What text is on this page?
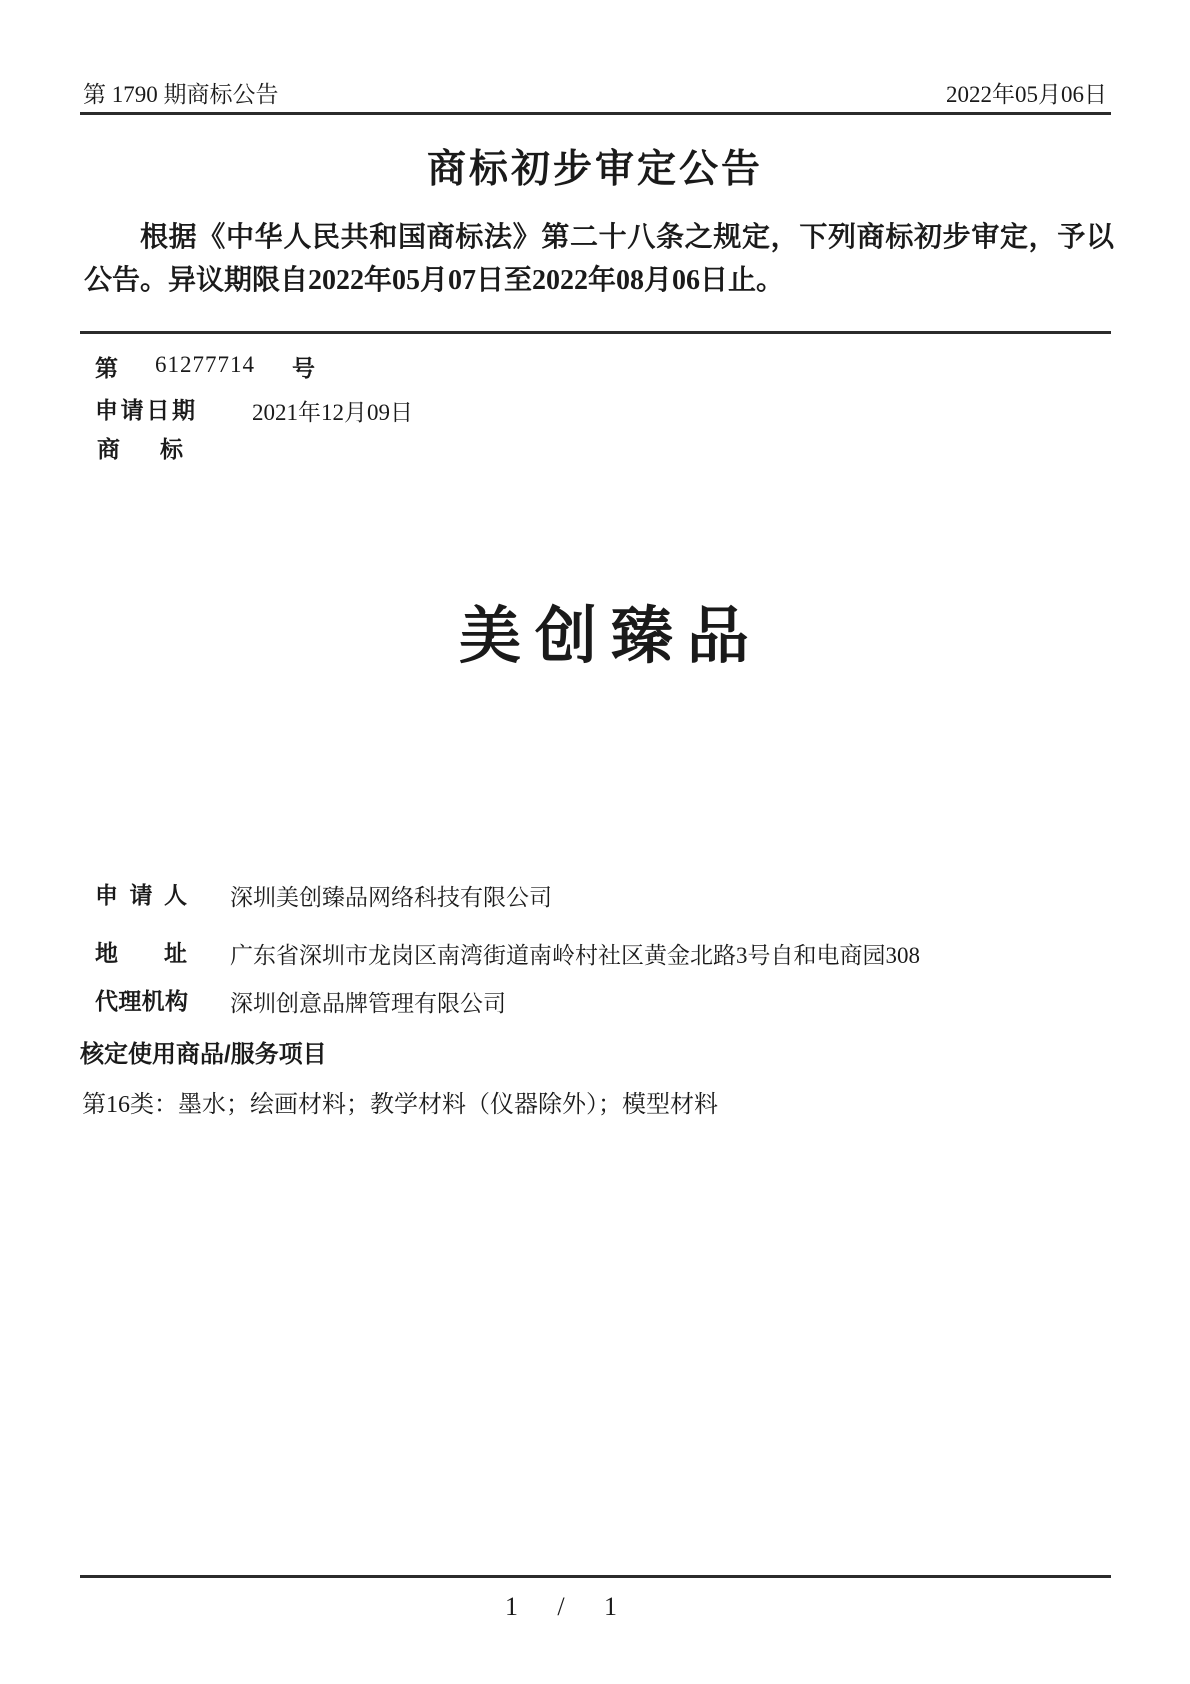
第 1790 期商标公告	2022年05月06日
商标初步审定公告
根据《中华人民共和国商标法》第二十八条之规定，下列商标初步审定，予以公告。异议期限自2022年05月07日至2022年08月06日止。
第 61277714 号
申请日期 2021年12月09日
商标
美创臻品
申请人 深圳美创臻品网络科技有限公司
地址 广东省深圳市龙岗区南湾街道南岭村社区黄金北路3号自和电商园308
代理机构 深圳创意品牌管理有限公司
核定使用商品/服务项目
第16类：墨水；绘画材料；教学材料（仪器除外）；模型材料
1 / 1
